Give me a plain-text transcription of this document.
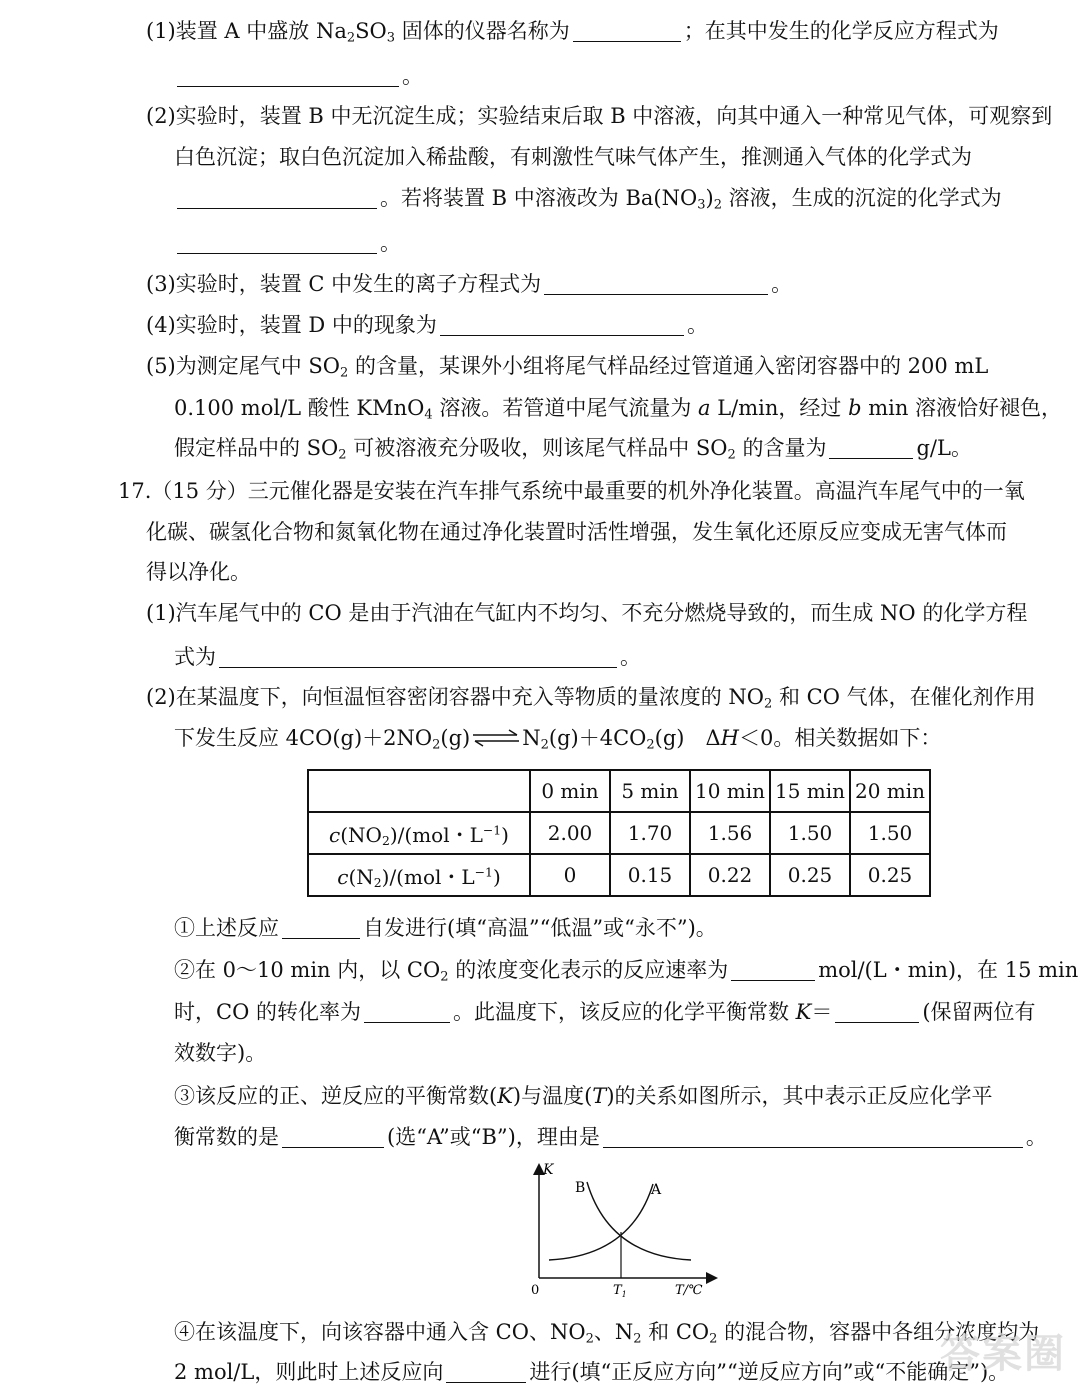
(1)装置 A 中盛放 $Na_2SO_3$ 固体的仪器名称为	；在其中发生的化学反应方程式为
。
(2)实验时，装置 B 中无沉淀生成；实验结束后取 B 中溶液，向其中通入一种常见气体，可观察到
白色沉淀；取白色沉淀加入稀盐酸，有刺激性气味气体产生，推测通入气体的化学式为
。若将装置 B 中溶液改为 $Ba(NO_3)_2$ 溶液，生成的沉淀的化学式为
。
(3)实验时，装置 C 中发生的离子方程式为	。
(4)实验时，装置 D 中的现象为	。
(5)为测定尾气中 $SO_2$ 的含量，某课外小组将尾气样品经过管道通入密闭容器中的 200 mL
0.100 mol/L 酸性 KMnO$_4$ 溶液。若管道中尾气流量为 a L/min，经过 b min 溶液恰好褪色，
假定样品中的 $SO_2$ 可被溶液充分吸收，则该尾气样品中 $SO_2$ 的含量为	g/L。
17.（15 分）三元催化器是安装在汽车排气系统中最重要的机外净化装置。高温汽车尾气中的一氧
化碳、碳氢化合物和氮氧化物在通过净化装置时活性增强，发生氧化还原反应变成无害气体而
得以净化。
(1)汽车尾气中的 CO 是由于汽油在气缸内不均匀、不充分燃烧导致的，而生成 NO 的化学方程
式为	。
(2)在某温度下，向恒温恒容密闭容器中充入等物质的量浓度的 $NO_2$ 和 CO 气体，在催化剂作用
下发生反应 $4CO(g)+2NO_2(g)\rightleftharpoons N_2(g)+4CO_2(g)$　ΔH＜0。相关数据如下：
	0 min	5 min	10 min	15 min	20 min
$c(NO_2)/(mol$・$L^{-1}$)	2.00	1.70	1.56	1.50	1.50
$c(N_2)/(mol$・$L^{-1}$)	0	0.15	0.22	0.25	0.25
①上述反应	自发进行(填“高温”“低温”或“永不”)。
②在 0～10 min 内，以 $CO_2$ 的浓度变化表示的反应速率为	mol/(L・min)，在 15 min
时，CO 的转化率为	。此温度下，该反应的化学平衡常数 K＝	(保留两位有
效数字)。
③该反应的正、逆反应的平衡常数(K)与温度(T)的关系如图所示，其中表示正反应化学平
衡常数的是	(选“A”或“B”)，理由是	。
K
B	A
0	$T_1$	T/℃
④在该温度下，向该容器中通入含 CO、$NO_2$、$N_2$ 和 $CO_2$ 的混合物，容器中各组分浓度均为
2 mol/L，则此时上述反应向	进行(填“正反应方向”“逆反应方向”或“不能确定”)。
答案圈
